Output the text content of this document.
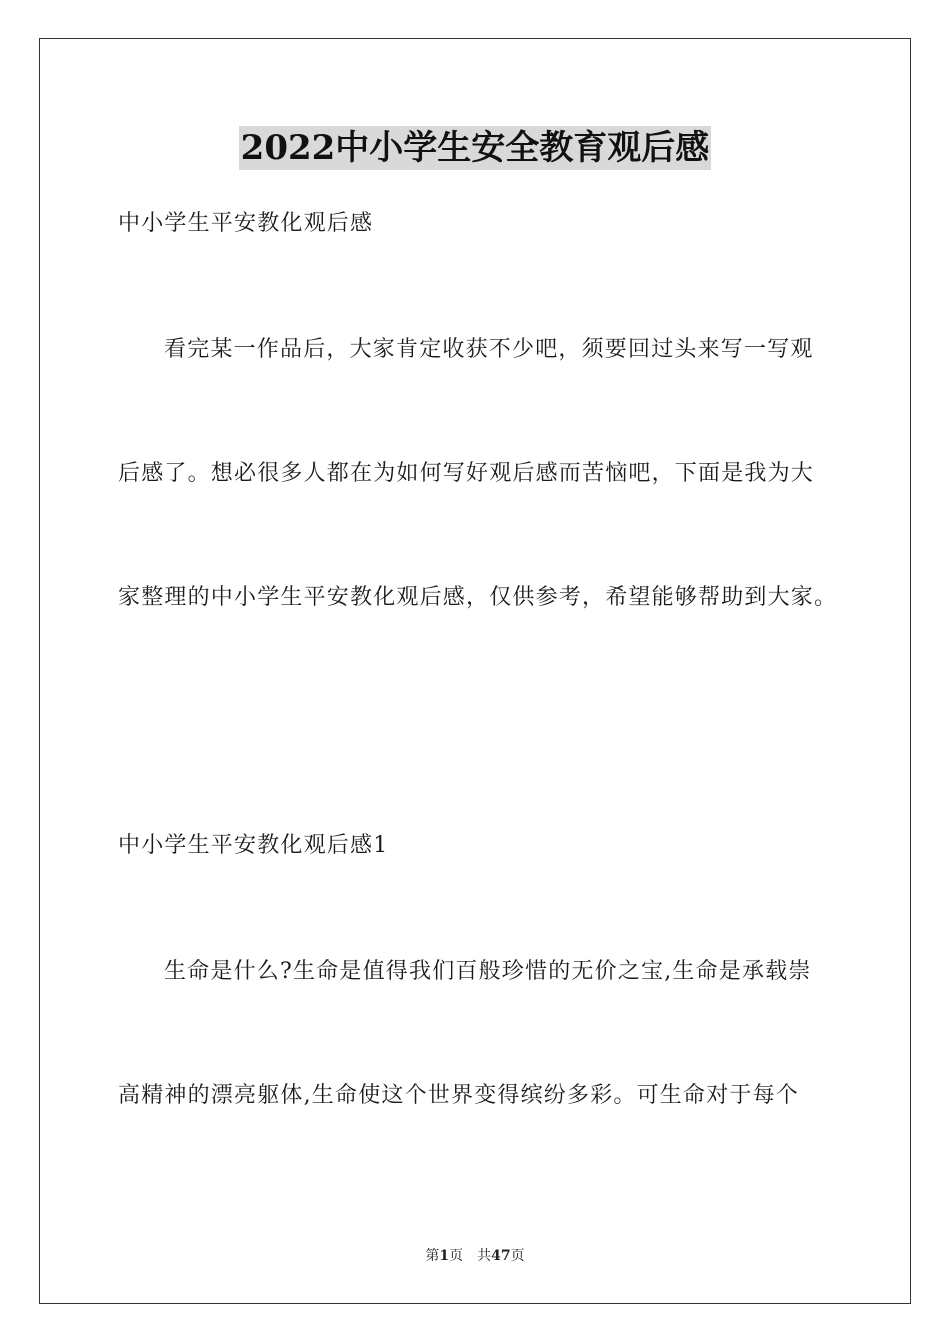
2022中小学生安全教育观后感
中小学生平安教化观后感
看完某一作品后，大家肯定收获不少吧，须要回过头来写一写观
后感了。想必很多人都在为如何写好观后感而苦恼吧，下面是我为大
家整理的中小学生平安教化观后感，仅供参考，希望能够帮助到大家。
中小学生平安教化观后感1
生命是什么?生命是值得我们百般珍惜的无价之宝,生命是承载崇
高精神的漂亮躯体,生命使这个世界变得缤纷多彩。可生命对于每个
第1页 共47页
